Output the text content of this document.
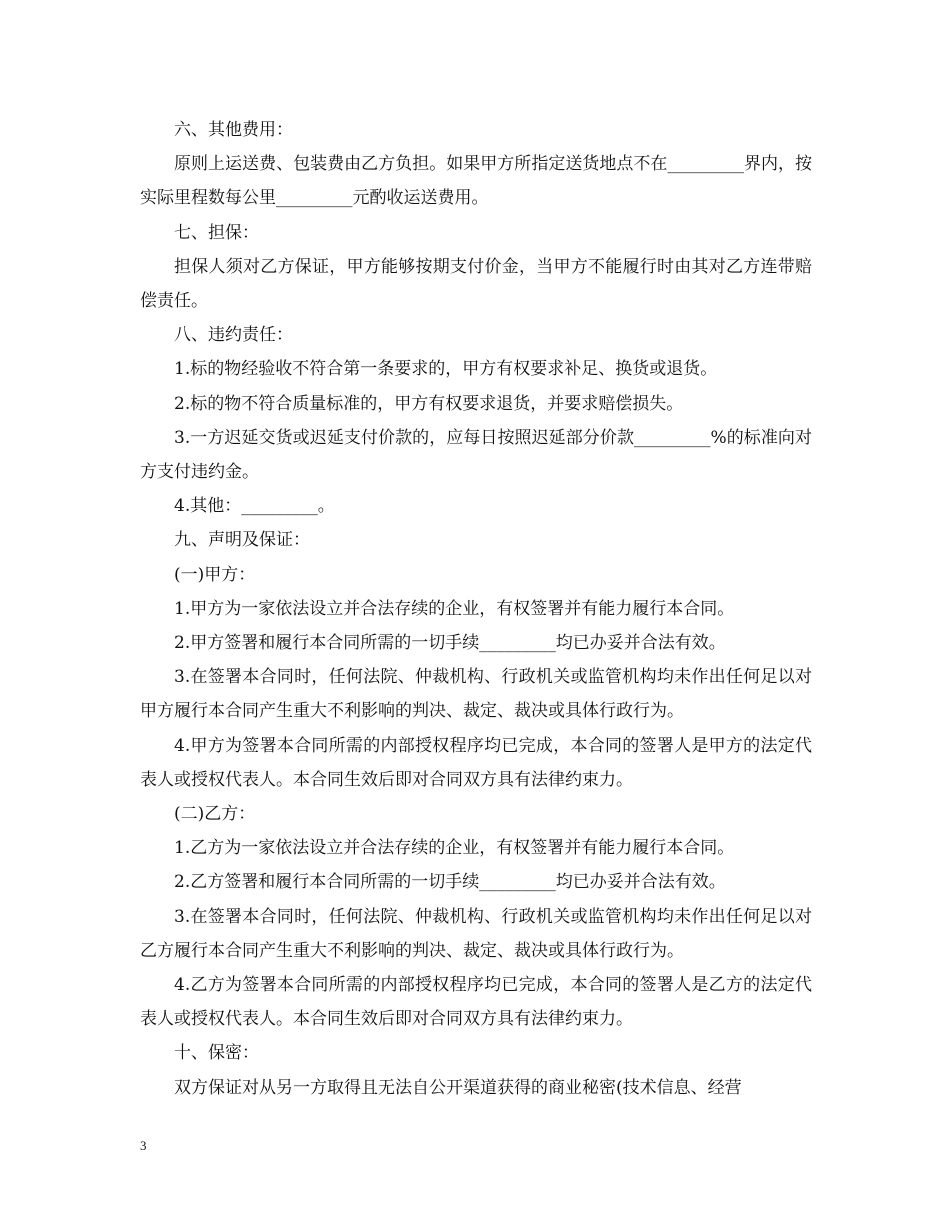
六、其他费用：

原则上运送费、包装费由乙方负担。如果甲方所指定送货地点不在_________界内，按实际里程数每公里_________元酌收运送费用。

七、担保：

担保人须对乙方保证，甲方能够按期支付价金，当甲方不能履行时由其对乙方连带赔偿责任。

八、违约责任：

1.标的物经验收不符合第一条要求的，甲方有权要求补足、换货或退货。

2.标的物不符合质量标准的，甲方有权要求退货，并要求赔偿损失。

3.一方迟延交货或迟延支付价款的，应每日按照迟延部分价款_________%的标准向对方支付违约金。

4.其他：_________。

九、声明及保证：

(一)甲方：

1.甲方为一家依法设立并合法存续的企业，有权签署并有能力履行本合同。

2.甲方签署和履行本合同所需的一切手续_________均已办妥并合法有效。

3.在签署本合同时，任何法院、仲裁机构、行政机关或监管机构均未作出任何足以对甲方履行本合同产生重大不利影响的判决、裁定、裁决或具体行政行为。

4.甲方为签署本合同所需的内部授权程序均已完成，本合同的签署人是甲方的法定代表人或授权代表人。本合同生效后即对合同双方具有法律约束力。

(二)乙方：

1.乙方为一家依法设立并合法存续的企业，有权签署并有能力履行本合同。

2.乙方签署和履行本合同所需的一切手续_________均已办妥并合法有效。

3.在签署本合同时，任何法院、仲裁机构、行政机关或监管机构均未作出任何足以对乙方履行本合同产生重大不利影响的判决、裁定、裁决或具体行政行为。

4.乙方为签署本合同所需的内部授权程序均已完成，本合同的签署人是乙方的法定代表人或授权代表人。本合同生效后即对合同双方具有法律约束力。

十、保密：

双方保证对从另一方取得且无法自公开渠道获得的商业秘密(技术信息、经营

3
